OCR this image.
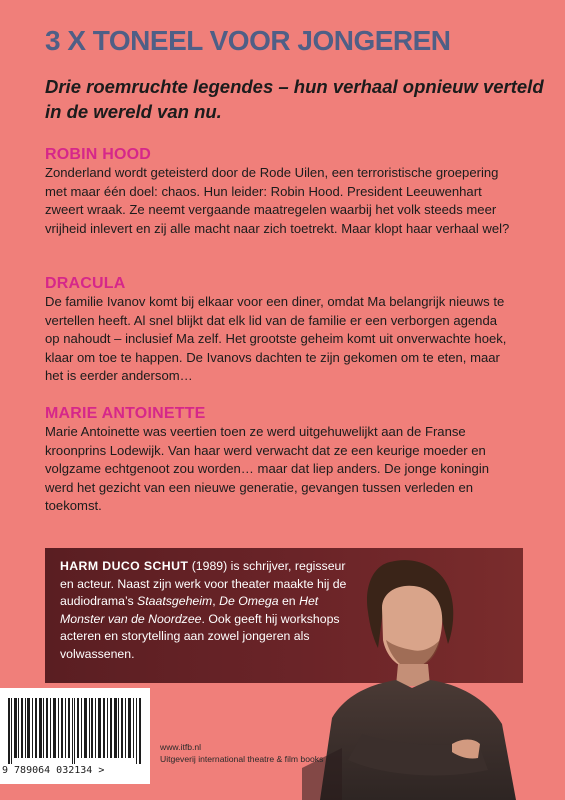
3 X TONEEL VOOR JONGEREN
Drie roemruchte legendes – hun verhaal opnieuw verteld in de wereld van nu.

ROBIN HOOD

Zonderland wordt geteisterd door de Rode Uilen, een terroristische groepering met maar één doel: chaos. Hun leider: Robin Hood. President Leeuwenhart zweert wraak. Ze neemt vergaande maatregelen waarbij het volk steeds meer vrijheid inlevert en zij alle macht naar zich toetrekt. Maar klopt haar verhaal wel?

DRACULA

De familie Ivanov komt bij elkaar voor een diner, omdat Ma belangrijk nieuws te vertellen heeft. Al snel blijkt dat elk lid van de familie er een verborgen agenda op nahoudt – inclusief Ma zelf. Het grootste geheim komt uit onverwachte hoek, klaar om toe te happen. De Ivanovs dachten te zijn gekomen om te eten, maar het is eerder andersom…

MARIE ANTOINETTE

Marie Antoinette was veertien toen ze werd uitgehuwelijkt aan de Franse kroonprins Lodewijk. Van haar werd verwacht dat ze een keurige moeder en volgzame echtgenoot zou worden… maar dat liep anders. De jonge koningin werd het gezicht van een nieuwe generatie, gevangen tussen verleden en toekomst.

HARM DUCO SCHUT (1989) is schrijver, regisseur en acteur. Naast zijn werk voor theater maakte hij de audiodrama’s Staatsgeheim, De Omega en Het Monster van de Noordzee. Ook geeft hij workshops acteren en storytelling aan zowel jongeren als volwassenen.

9 789064 032134 >
www.itfb.nl
Uitgeverij international theatre & film books
